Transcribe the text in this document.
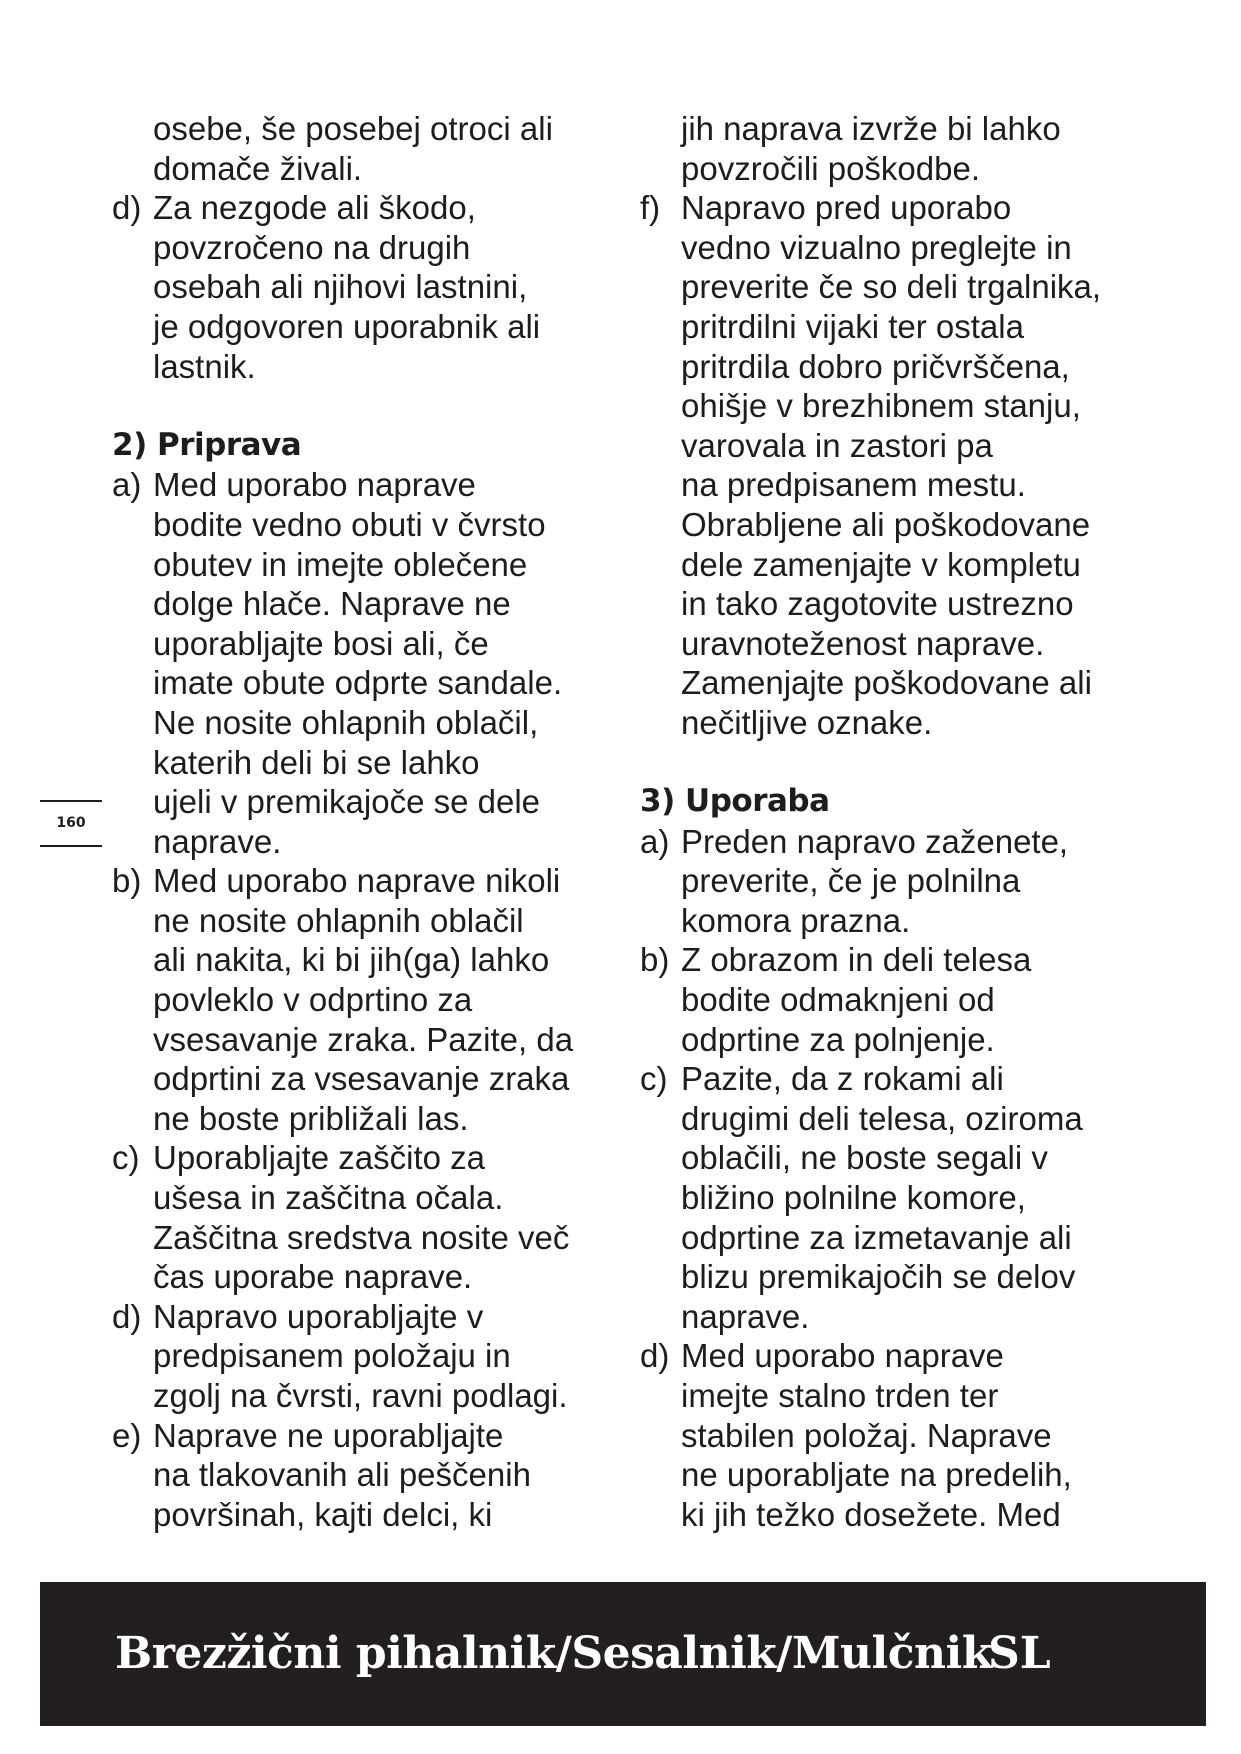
osebe, še posebej otroci ali
domače živali.
d) Za nezgode ali škodo,
povzročeno na drugih
osebah ali njihovi lastnini,
je odgovoren uporabnik ali
lastnik.
2) Priprava
a) Med uporabo naprave
bodite vedno obuti v čvrsto
obutev in imejte oblečene
dolge hlače. Naprave ne
uporabljajte bosi ali, če
imate obute odprte sandale.
Ne nosite ohlapnih oblačil,
katerih deli bi se lahko
ujeli v premikajoče se dele
naprave.
b) Med uporabo naprave nikoli
ne nosite ohlapnih oblačil
ali nakita, ki bi jih(ga) lahko
povleklo v odprtino za
vsesavanje zraka. Pazite, da
odprtini za vsesavanje zraka
ne boste približali las.
c) Uporabljajte zaščito za
ušesa in zaščitna očala.
Zaščitna sredstva nosite več
čas uporabe naprave.
d) Napravo uporabljajte v
predpisanem položaju in
zgolj na čvrsti, ravni podlagi.
e) Naprave ne uporabljajte
na tlakovanih ali peščenih
površinah, kajti delci, ki
jih naprava izvrže bi lahko
povzročili poškodbe.
f) Napravo pred uporabo
vedno vizualno preglejte in
preverite če so deli trgalnika,
pritrdilni vijaki ter ostala
pritrdila dobro pričvrščena,
ohišje v brezhibnem stanju,
varovala in zastori pa
na predpisanem mestu.
Obrabljene ali poškodovane
dele zamenjajte v kompletu
in tako zagotovite ustrezno
uravnoteženost naprave.
Zamenjajte poškodovane ali
nečitljive oznake.
3) Uporaba
a) Preden napravo zaženete,
preverite, če je polnilna
komora prazna.
b) Z obrazom in deli telesa
bodite odmaknjeni od
odprtine za polnjenje.
c) Pazite, da z rokami ali
drugimi deli telesa, oziroma
oblačili, ne boste segali v
bližino polnilne komore,
odprtine za izmetavanje ali
blizu premikajočih se delov
naprave.
d) Med uporabo naprave
imejte stalno trden ter
stabilen položaj. Naprave
ne uporabljate na predelih,
ki jih težko dosežete. Med
160
Brezžični pihalnik/Sesalnik/Mulčnik
SL
